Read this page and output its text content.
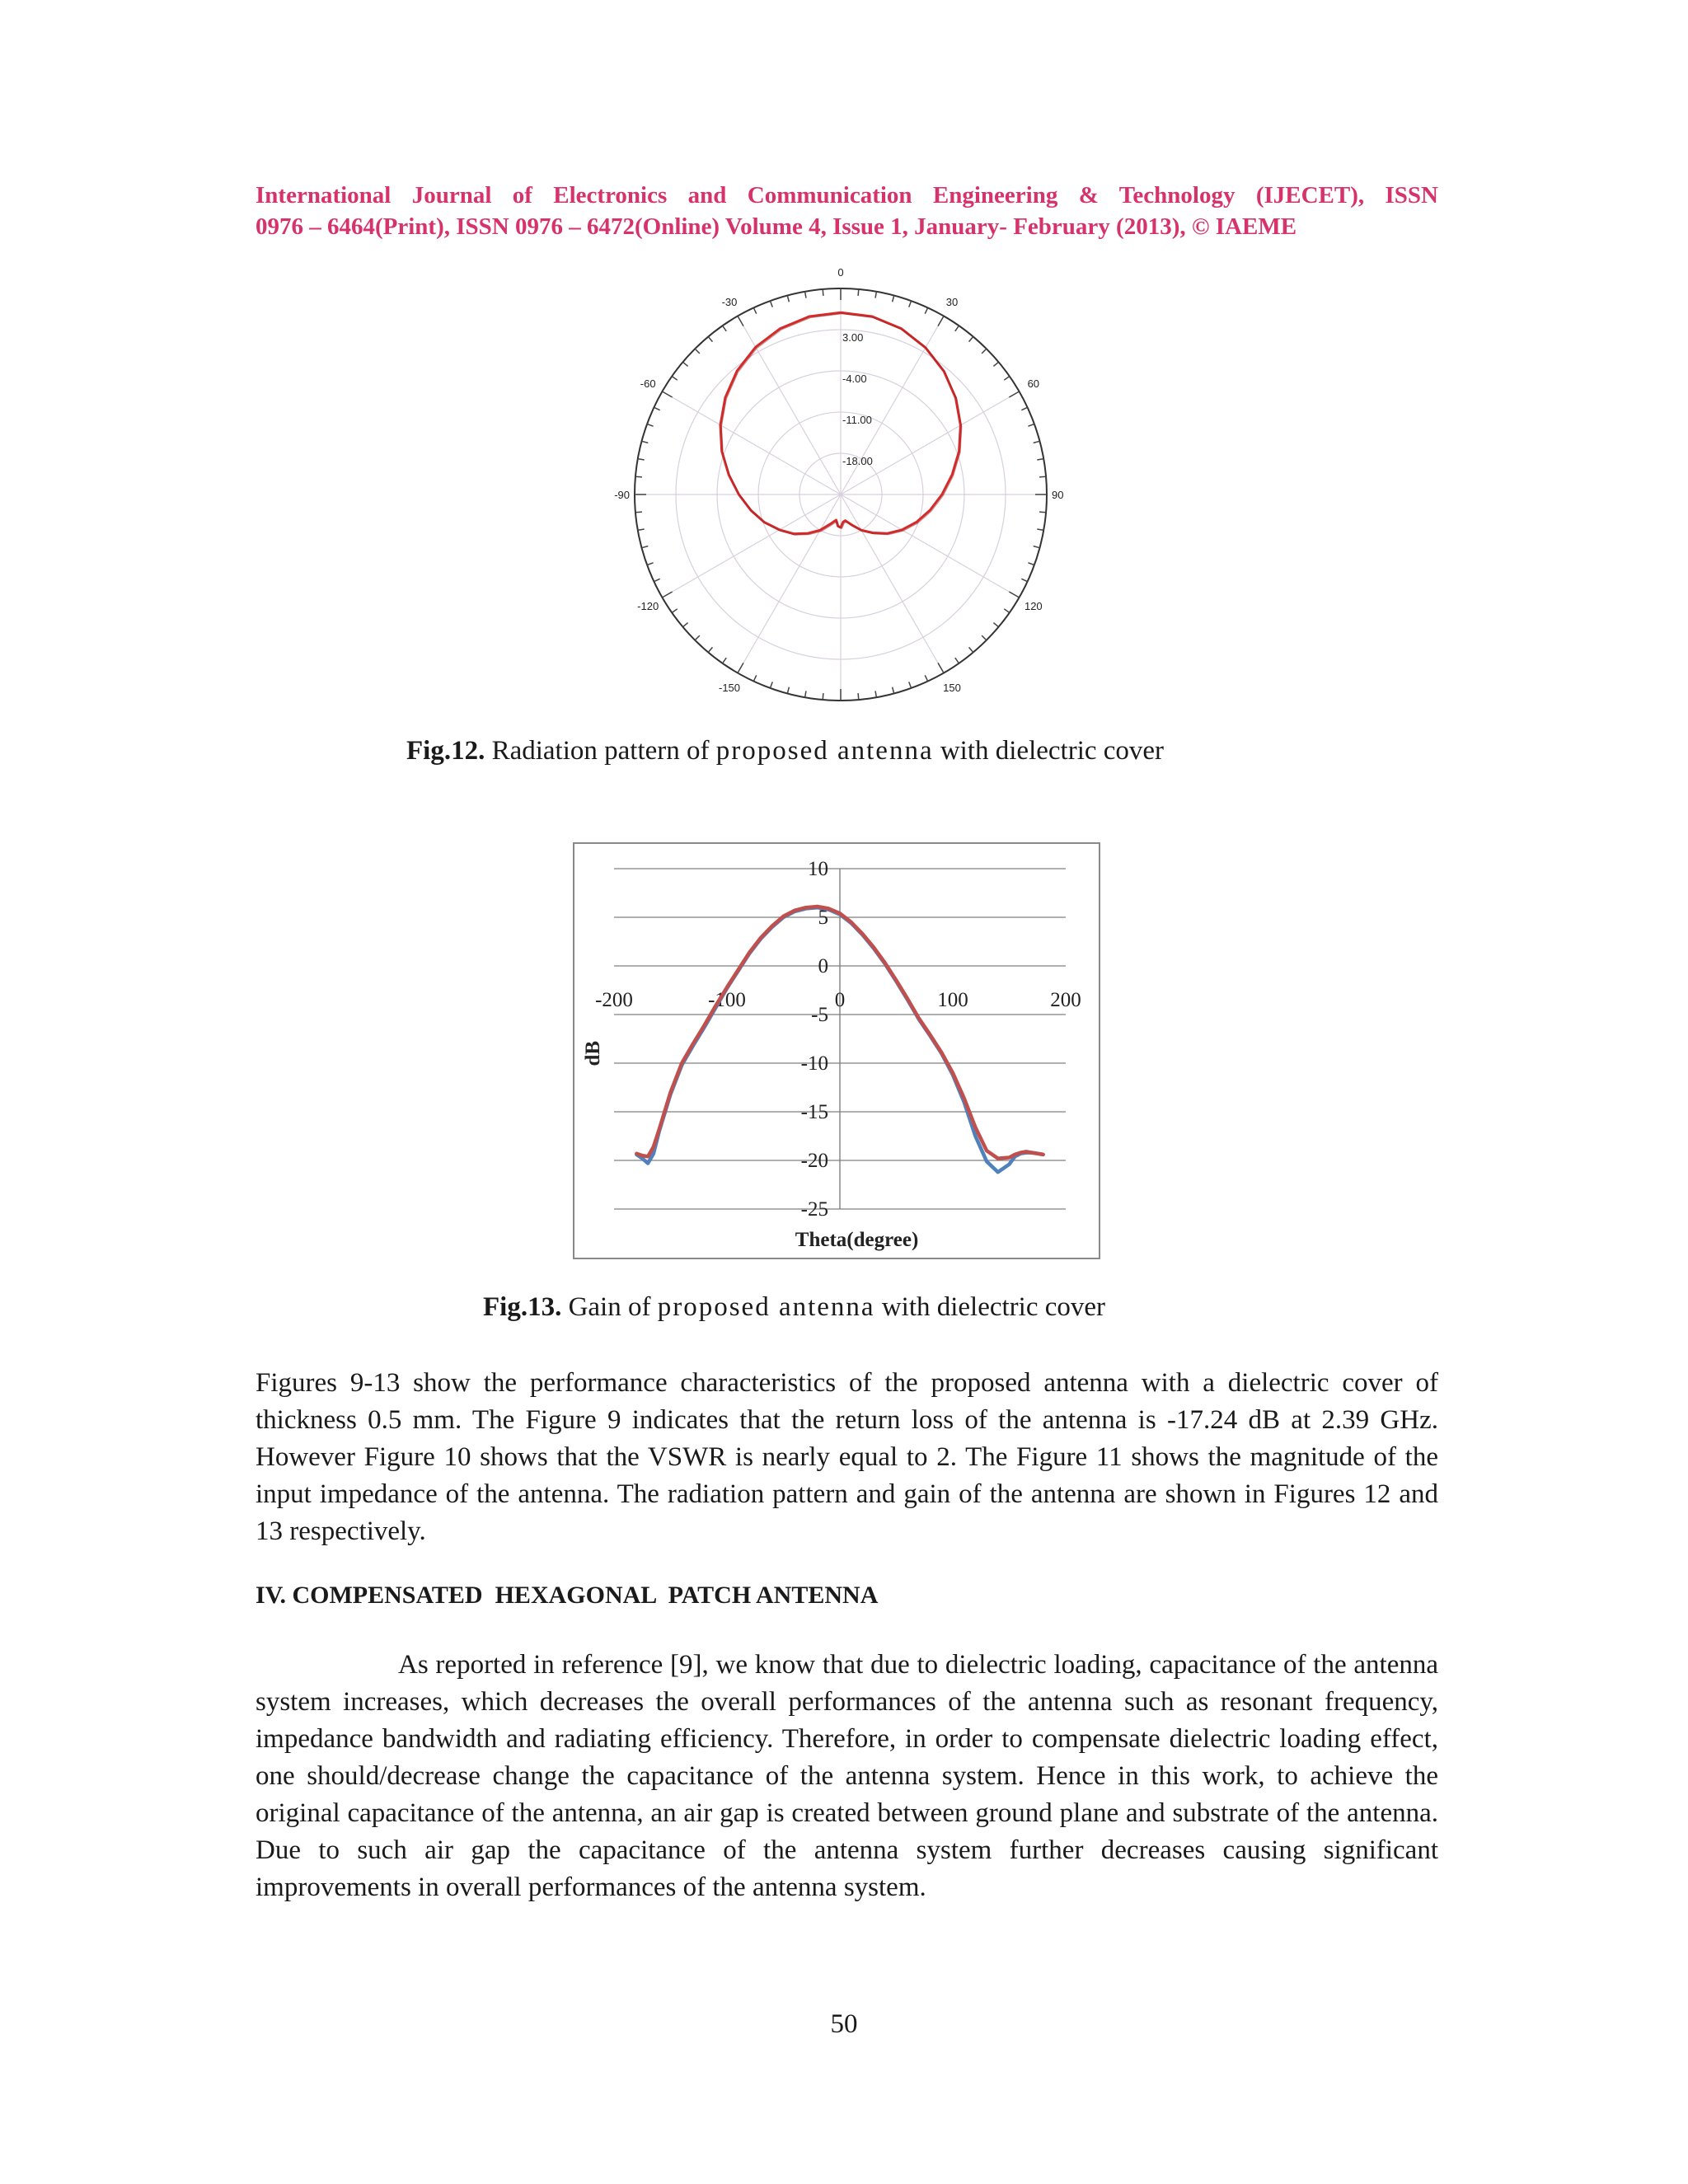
International Journal of Electronics and Communication Engineering & Technology (IJECET), ISSN
0976 – 6464(Print), ISSN 0976 – 6472(Online) Volume 4, Issue 1, January- February (2013), © IAEME
0
30
60
90
120
150
-150
-120
-90
-60
-30
3.00
-4.00
-11.00
-18.00
Fig.12. Radiation pattern of proposed antenna with dielectric cover
10
5
0
-5
-10
-15
-20
-25
-200	-100	0	100	200
dB
Theta(degree)
Fig.13. Gain of proposed antenna with dielectric cover
Figures 9-13 show the performance characteristics of the proposed antenna with a dielectric cover of thickness 0.5 mm. The Figure 9 indicates that the return loss of the antenna is -17.24 dB at 2.39 GHz. However Figure 10 shows that the VSWR is nearly equal to 2. The Figure 11 shows the magnitude of the input impedance of the antenna. The radiation pattern and gain of the antenna are shown in Figures 12 and 13 respectively.
IV. COMPENSATED  HEXAGONAL  PATCH ANTENNA
As reported in reference [9], we know that due to dielectric loading, capacitance of the antenna system increases, which decreases the overall performances of the antenna such as resonant frequency, impedance bandwidth and radiating efficiency. Therefore, in order to compensate dielectric loading effect, one should/decrease change the capacitance of the antenna system. Hence in this work, to achieve the original capacitance of the antenna, an air gap is created between ground plane and substrate of the antenna. Due to such air gap the capacitance of the antenna system further decreases causing significant improvements in overall performances of the antenna system.
50
